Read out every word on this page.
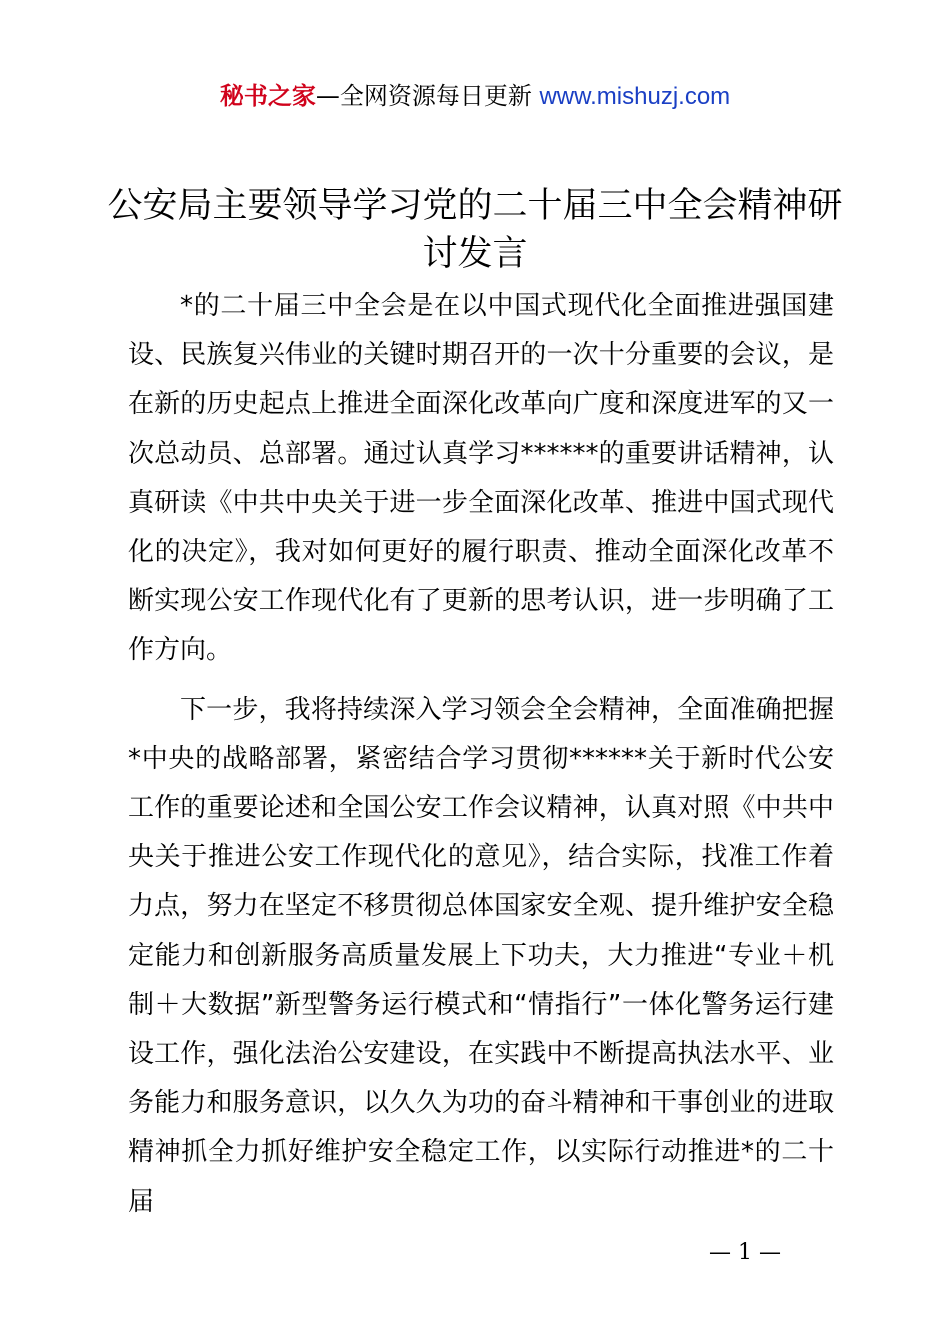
秘书之家—全网资源每日更新 www.mishuzj.com
公安局主要领导学习党的二十届三中全会精神研讨发言

*的二十届三中全会是在以中国式现代化全面推进强国建设、民族复兴伟业的关键时期召开的一次十分重要的会议，是在新的历史起点上推进全面深化改革向广度和深度进军的又一次总动员、总部署。通过认真学习******的重要讲话精神，认真研读《中共中央关于进一步全面深化改革、推进中国式现代化的决定》，我对如何更好的履行职责、推动全面深化改革不断实现公安工作现代化有了更新的思考认识，进一步明确了工作方向。

下一步，我将持续深入学习领会全会精神，全面准确把握*中央的战略部署，紧密结合学习贯彻******关于新时代公安工作的重要论述和全国公安工作会议精神，认真对照《中共中央关于推进公安工作现代化的意见》，结合实际，找准工作着力点，努力在坚定不移贯彻总体国家安全观、提升维护安全稳定能力和创新服务高质量发展上下功夫，大力推进“专业＋机制＋大数据”新型警务运行模式和“情指行”一体化警务运行建设工作，强化法治公安建设，在实践中不断提高执法水平、业务能力和服务意识，以久久为功的奋斗精神和干事创业的进取精神抓全力抓好维护安全稳定工作，以实际行动推进*的二十届

— 1 —
